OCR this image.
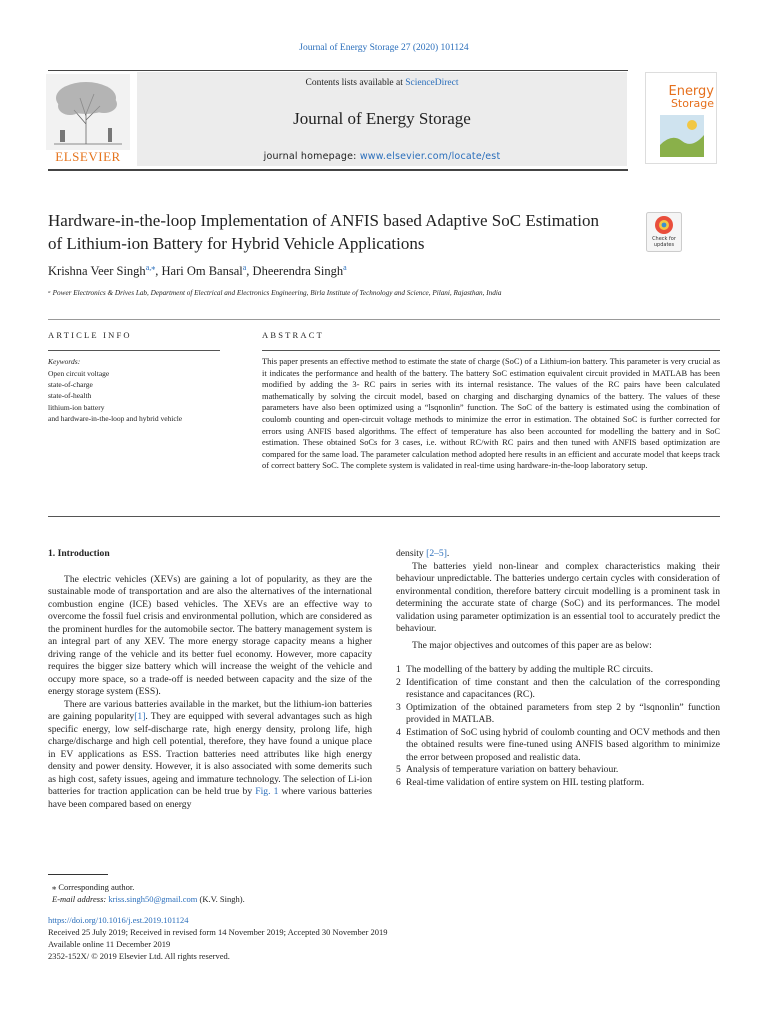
Journal of Energy Storage 27 (2020) 101124
ELSEVIER
Contents lists available at ScienceDirect
Journal of Energy Storage
journal homepage: www.elsevier.com/locate/est
Energy
Storage
Hardware-in-the-loop Implementation of ANFIS based Adaptive SoC Estimation of Lithium-ion Battery for Hybrid Vehicle Applications	Check for
updates
Krishna Veer Singh$^{a,⁎}$, Hari Om Bansal$^a$, Dheerendra Singh$^a$
ᵃ Power Electronics & Drives Lab, Department of Electrical and Electronics Engineering, Birla Institute of Technology and Science, Pilani, Rajasthan, India
ARTICLE INFO	ABSTRACT
Keywords:
Open circuit voltage
state-of-charge
state-of-health
lithium-ion battery
and hardware-in-the-loop and hybrid vehicle
This paper presents an effective method to estimate the state of charge (SoC) of a Lithium-ion battery. This parameter is very crucial as it indicates the performance and health of the battery. The battery SoC estimation equivalent circuit provided in MATLAB has been modified by adding the 3- RC pairs in series with its internal resistance. The values of the RC pairs have been calculated mathematically by solving the circuit model, based on charging and discharging dynamics of the battery. The values of these parameters have also been optimized using a “lsqnonlin” function. The SoC of the battery is estimated using the combination of coulomb counting and open-circuit voltage methods to minimize the error in estimation. The obtained SoC is further corrected for errors using ANFIS based algorithms. The effect of temperature has also been accounted for modelling the battery and in SoC estimation. These obtained SoCs for 3 cases, i.e. without RC/with RC pairs and then tuned with ANFIS based optimization are compared for the same load. The parameter calculation method adopted here results in an efficient and accurate model that keeps track of correct battery SoC. The complete system is validated in real-time using hardware-in-the-loop laboratory setup.
1. Introduction

The electric vehicles (XEVs) are gaining a lot of popularity, as they are the sustainable mode of transportation and are also the alternatives of the international combustion engine (ICE) based vehicles. The XEVs are an effective way to overcome the fossil fuel crisis and environmental pollution, which are considered as the prominent hurdles for the automobile sector. The battery management system is an integral part of any XEV. The more energy storage capacity means a higher driving range of the vehicle and its better fuel economy. However, more capacity requires the bigger size battery which will increase the weight of the vehicle and occupy more space, so a trade-off is needed between capacity and the size of the energy storage system (ESS).

There are various batteries available in the market, but the lithium-ion batteries are gaining popularity[1]. They are equipped with several advantages such as high specific energy, low self-discharge rate, high energy density, prolong life, high charge/discharge and high cell potential, therefore, they have found a unique place in EV applications as ESS. Traction batteries need attributes like high energy density and power density. However, it is also associated with some demerits such as high cost, safety issues, ageing and immature technology. The selection of Li-ion batteries for traction application can be held true by Fig. 1 where various batteries have been compared based on energy

density [2–5].

The batteries yield non-linear and complex characteristics making their behaviour unpredictable. The batteries undergo certain cycles with consideration of environmental condition, therefore battery circuit modelling is a prominent task in determining the accurate state of charge (SoC) and its performances. The model validation using parameter optimization is an essential tool to accurately predict the behaviour.

The major objectives and outcomes of this paper are as below:

1 The modelling of the battery by adding the multiple RC circuits.
2 Identification of time constant and then the calculation of the corresponding resistance and capacitances (RC).
3 Optimization of the obtained parameters from step 2 by “lsqnonlin” function provided in MATLAB.
4 Estimation of SoC using hybrid of coulomb counting and OCV methods and then the obtained results were fine-tuned using ANFIS based algorithm to minimize the error between proposed and realistic data.
5 Analysis of temperature variation on battery behaviour.
6 Real-time validation of entire system on HIL testing platform.
⁎ Corresponding author.
E-mail address: kriss.singh50@gmail.com (K.V. Singh).
https://doi.org/10.1016/j.est.2019.101124
Received 25 July 2019; Received in revised form 14 November 2019; Accepted 30 November 2019
Available online 11 December 2019
2352-152X/ © 2019 Elsevier Ltd. All rights reserved.
